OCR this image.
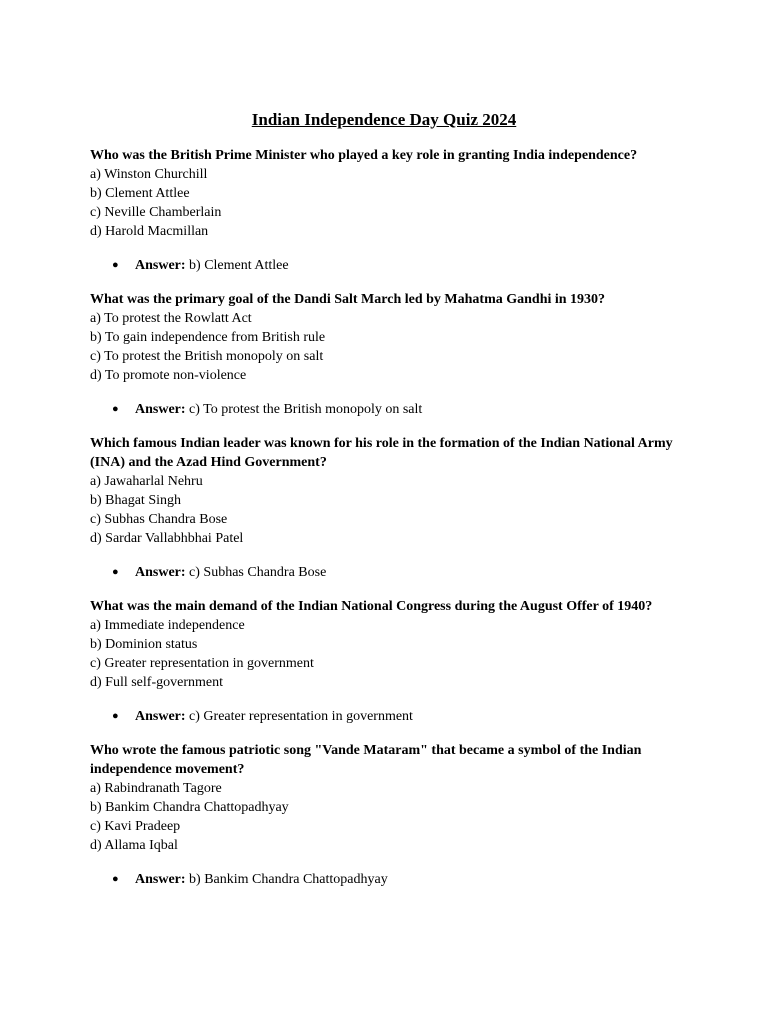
Indian Independence Day Quiz 2024

Who was the British Prime Minister who played a key role in granting India independence?

a) Winston Churchill

b) Clement Attlee

c) Neville Chamberlain

d) Harold Macmillan

●	Answer: b) Clement Attlee

What was the primary goal of the Dandi Salt March led by Mahatma Gandhi in 1930?

a) To protest the Rowlatt Act

b) To gain independence from British rule

c) To protest the British monopoly on salt

d) To promote non-violence

●	Answer: c) To protest the British monopoly on salt

Which famous Indian leader was known for his role in the formation of the Indian National Army (INA) and the Azad Hind Government?

a) Jawaharlal Nehru

b) Bhagat Singh

c) Subhas Chandra Bose

d) Sardar Vallabhbhai Patel

●	Answer: c) Subhas Chandra Bose

What was the main demand of the Indian National Congress during the August Offer of 1940?

a) Immediate independence

b) Dominion status

c) Greater representation in government

d) Full self-government

●	Answer: c) Greater representation in government

Who wrote the famous patriotic song "Vande Mataram" that became a symbol of the Indian independence movement?

a) Rabindranath Tagore

b) Bankim Chandra Chattopadhyay

c) Kavi Pradeep

d) Allama Iqbal

●	Answer: b) Bankim Chandra Chattopadhyay
